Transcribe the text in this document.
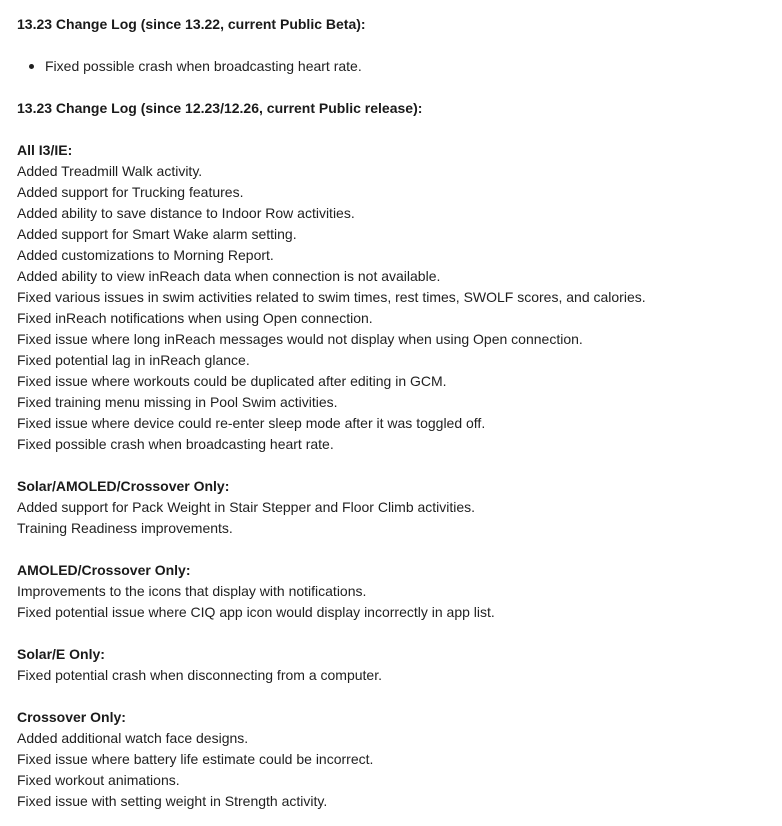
13.23 Change Log (since 13.22, current Public Beta):

Fixed possible crash when broadcasting heart rate.

13.23 Change Log (since 12.23/12.26, current Public release):

All I3/IE:
Added Treadmill Walk activity.
Added support for Trucking features.
Added ability to save distance to Indoor Row activities.
Added support for Smart Wake alarm setting.
Added customizations to Morning Report.
Added ability to view inReach data when connection is not available.
Fixed various issues in swim activities related to swim times, rest times, SWOLF scores, and calories.
Fixed inReach notifications when using Open connection.
Fixed issue where long inReach messages would not display when using Open connection.
Fixed potential lag in inReach glance.
Fixed issue where workouts could be duplicated after editing in GCM.
Fixed training menu missing in Pool Swim activities.
Fixed issue where device could re-enter sleep mode after it was toggled off.
Fixed possible crash when broadcasting heart rate.
Solar/AMOLED/Crossover Only:
Added support for Pack Weight in Stair Stepper and Floor Climb activities.
Training Readiness improvements.
AMOLED/Crossover Only:
Improvements to the icons that display with notifications.
Fixed potential issue where CIQ app icon would display incorrectly in app list.
Solar/E Only:
Fixed potential crash when disconnecting from a computer.
Crossover Only:
Added additional watch face designs.
Fixed issue where battery life estimate could be incorrect.
Fixed workout animations.
Fixed issue with setting weight in Strength activity.
